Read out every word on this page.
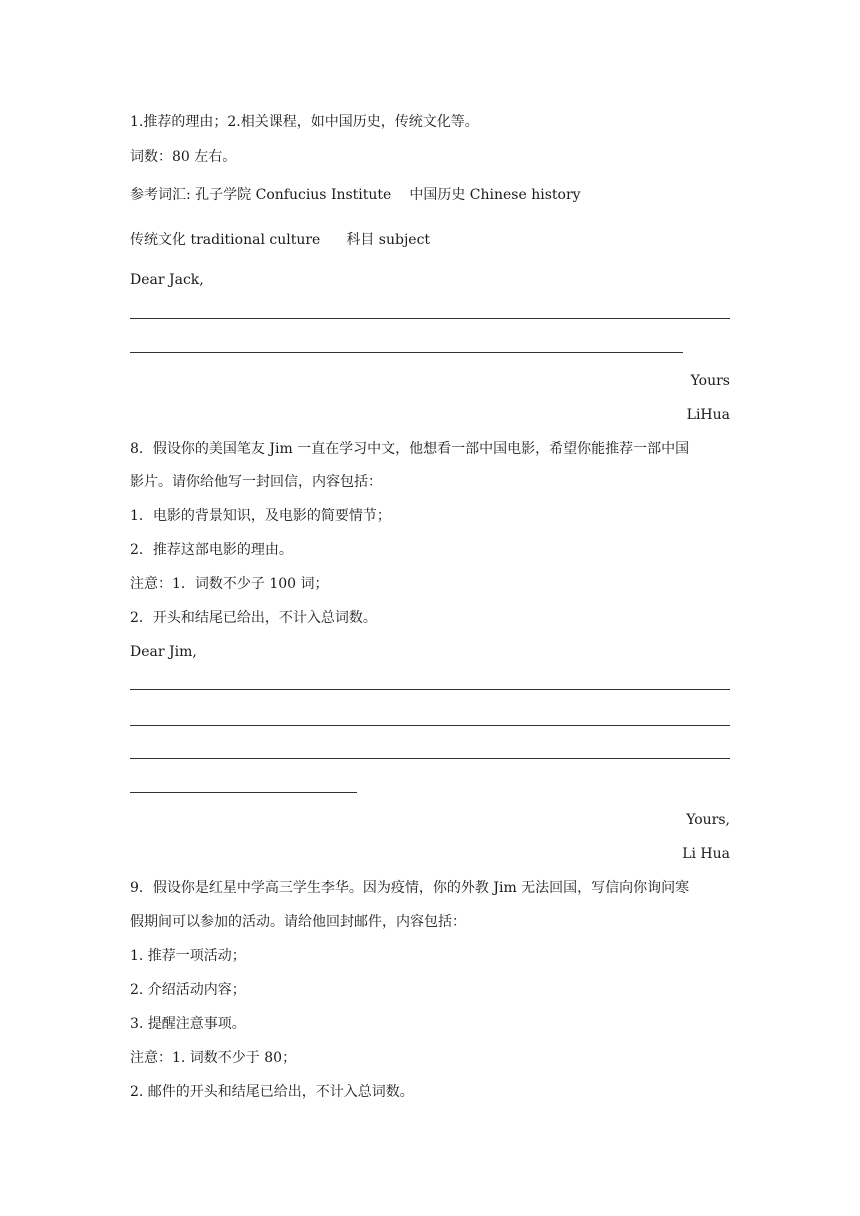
1.推荐的理由；2.相关课程，如中国历史，传统文化等。
词数：80 左右。
参考词汇: 孔子学院 Confucius Institute 中国历史 Chinese history
传统文化 traditional culture 科目 subject
Dear Jack,
Yours
LiHua
8．假设你的美国笔友 Jim 一直在学习中文，他想看一部中国电影，希望你能推荐一部中国
影片。请你给他写一封回信，内容包括：
1．电影的背景知识，及电影的简要情节；
2．推荐这部电影的理由。
注意：1．词数不少子 100 词；
2．开头和结尾已给出，不计入总词数。
Dear Jim,
Yours,
Li Hua
9．假设你是红星中学高三学生李华。因为疫情，你的外教 Jim 无法回国，写信向你询问寒
假期间可以参加的活动。请给他回封邮件，内容包括：
1. 推荐一项活动；
2. 介绍活动内容；
3. 提醒注意事项。
注意：1. 词数不少于 80；
2. 邮件的开头和结尾已给出，不计入总词数。
